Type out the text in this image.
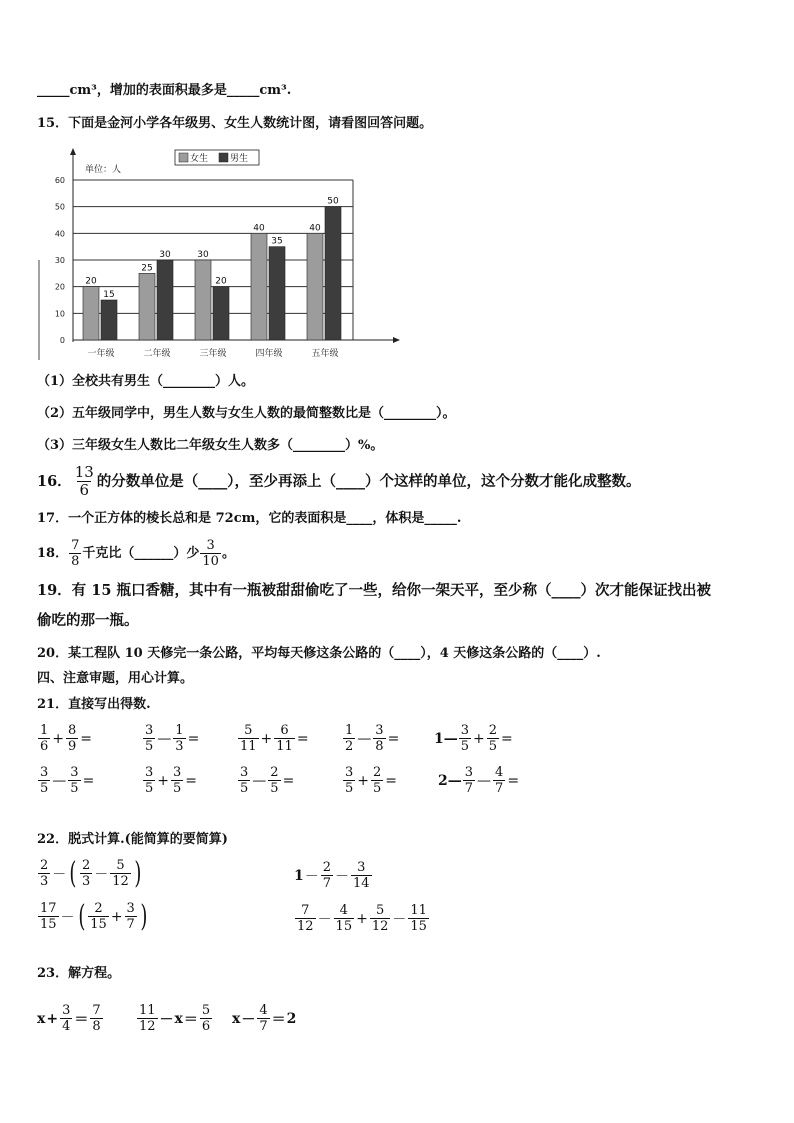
_____cm³，增加的表面积最多是_____cm³.
15．下面是金河小学各年级男、女生人数统计图，请看图回答问题。
0
10
20
30
40
50
60
单位：人
20
15
一年级
25
30
二年级
30
20
三年级
40
35
四年级
40
50
五年级
女生 男生
（1）全校共有男生（________）人。
（2）五年级同学中，男生人数与女生人数的最简整数比是（________）。
（3）三年级女生人数比二年级女生人数多（________）%。
16． $\frac{13}{6}$ 的分数单位是（____），至少再添上（____）个这样的单位，这个分数才能化成整数。
17．一个正方体的棱长总和是 72cm，它的表面积是____，体积是_____.
18． $\frac{7}{8}$ 千克比（______）少 $\frac{3}{10}$ 。
19．有 15 瓶口香糖，其中有一瓶被甜甜偷吃了一些，给你一架天平，至少称（____）次才能保证找出被
偷吃的那一瓶。
20．某工程队 10 天修完一条公路，平均每天修这条公路的（____），4 天修这条公路的（____）.
四、注意审题，用心计算。
21．直接写出得数.
$\frac{1}{6} + \frac{8}{9}$ =	$\frac{3}{5}$ — $\frac{1}{3}$ =	$\frac{5}{11} + \frac{6}{11}$ =	$\frac{1}{2}$ — $\frac{3}{8}$ = 1— $\frac{3}{5} + \frac{2}{5}$ =
$\frac{3}{5}$ — $\frac{3}{5}$ =	$\frac{3}{5} + \frac{3}{5}$ =	$\frac{3}{5}$ — $\frac{2}{5}$ =	$\frac{3}{5} + \frac{2}{5}$ =	2— $\frac{3}{7}$ — $\frac{4}{7}$ =
22．脱式计算.(能简算的要简算)
$\frac{2}{3}$ － ( $\frac{2}{3} - \frac{5}{12}$ )	$1 - \frac{2}{7} - \frac{3}{14}$
$\frac{17}{15}$ － ( $\frac{2}{15} + \frac{3}{7}$ )	$\frac{7}{12} - \frac{4}{15} + \frac{5}{12} - \frac{11}{15}$
23．解方程。
$x + \frac{3}{4} = \frac{7}{8}$	$\frac{11}{12} - x = \frac{5}{6}$ $x - \frac{4}{7} = 2$
